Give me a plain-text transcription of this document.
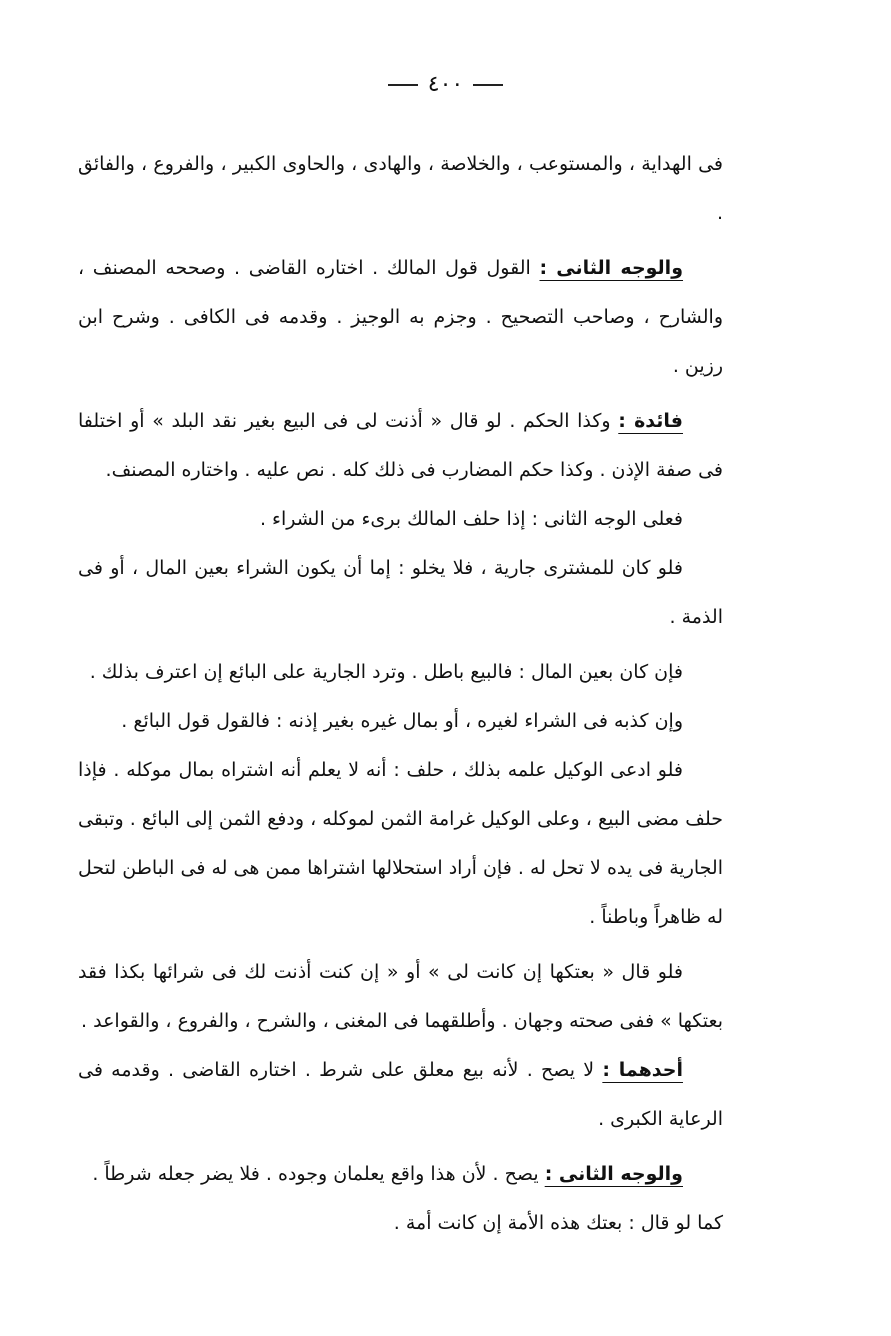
٤٠٠

فى الهداية ، والمستوعب ، والخلاصة ، والهادى ، والحاوى الكبير ، والفروع ، والفائق .

والوجه الثانى : القول قول المالك . اختاره القاضى . وصححه المصنف ، والشارح ، وصاحب التصحيح . وجزم به الوجيز . وقدمه فى الكافى . وشرح ابن رزين .

فائدة : وكذا الحكم . لو قال « أذنت لى فى البيع بغير نقد البلد » أو اختلفا فى صفة الإذن . وكذا حكم المضارب فى ذلك كله . نص عليه . واختاره المصنف.

فعلى الوجه الثانى : إذا حلف المالك برىء من الشراء .

فلو كان للمشترى جارية ، فلا يخلو : إما أن يكون الشراء بعين المال ، أو فى الذمة .

فإن كان بعين المال : فالبيع باطل . وترد الجارية على البائع إن اعترف بذلك .

وإن كذبه فى الشراء لغيره ، أو بمال غيره بغير إذنه : فالقول قول البائع .

فلو ادعى الوكيل علمه بذلك ، حلف : أنه لا يعلم أنه اشتراه بمال موكله . فإذا حلف مضى البيع ، وعلى الوكيل غرامة الثمن لموكله ، ودفع الثمن إلى البائع . وتبقى الجارية فى يده لا تحل له . فإن أراد استحلالها اشتراها ممن هى له فى الباطن لتحل له ظاهراً وباطناً .

فلو قال « بعتكها إن كانت لى » أو « إن كنت أذنت لك فى شرائها بكذا فقد بعتكها » ففى صحته وجهان . وأطلقهما فى المغنى ، والشرح ، والفروع ، والقواعد .

أحدهما : لا يصح . لأنه بيع معلق على شرط . اختاره القاضى . وقدمه فى الرعاية الكبرى .

والوجه الثانى : يصح . لأن هذا واقع يعلمان وجوده . فلا يضر جعله شرطاً .

كما لو قال : بعتك هذه الأمة إن كانت أمة .
